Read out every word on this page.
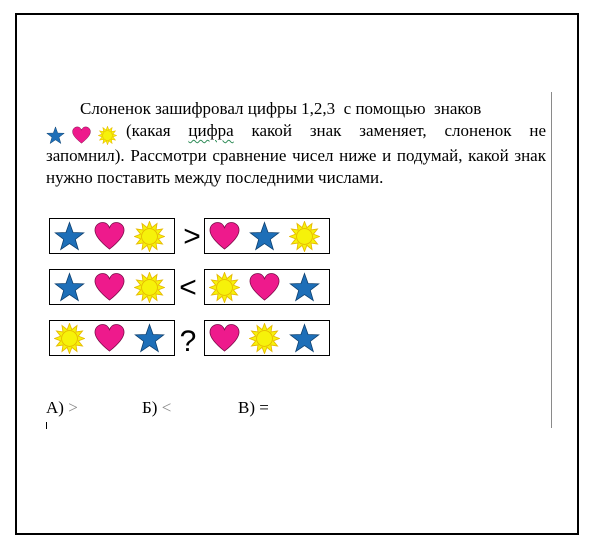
Слоненок зашифровал цифры 1,2,3  с помощью  знаков
(какая цифра какой знак заменяет, слоненок не запомнил). Рассмотри сравнение чисел ниже и подумай, какой знак нужно поставить между последними числами.
>
<
?
А) >	Б) <	В) =
